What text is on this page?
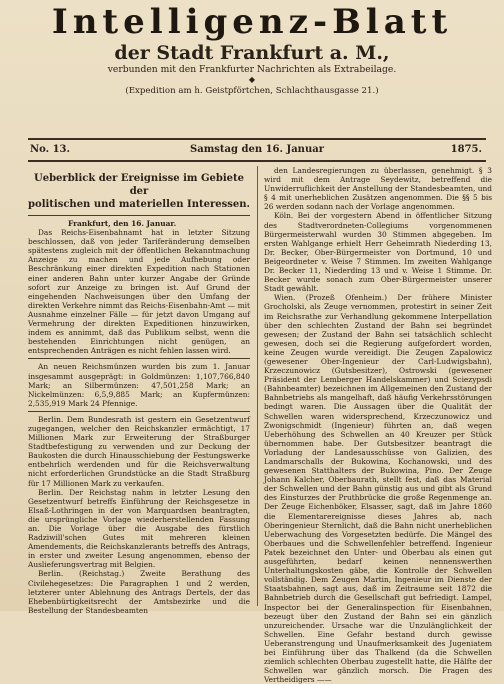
Intelligenz-Blatt
der Stadt Frankfurt a. M.,
verbunden mit den Frankfurter Nachrichten als Extrabeilage.
◆
(Expedition am h. Geistpförtchen, Schlachthausgasse 21.)
No. 13.	Samstag den 16. Januar	1875.
Ueberblick der Ereignisse im Gebiete der
politischen und materiellen Interessen.
Frankfurt, den 16. Januar.

Das Reichs-Eisenbahnamt hat in letzter Sitzung beschlossen, daß von jeder Tariferänderung demselben spätestens zugleich mit der öffentlichen Bekanntmachung Anzeige zu machen und jede Aufhebung oder Beschränkung einer direkten Expedition nach Stationen einer anderen Bahn unter kurzer Angabe der Gründe sofort zur Anzeige zu bringen ist. Auf Grund der eingehenden Nachweisungen über den Umfang der direkten Verkehre nimmt das Reichs-Eisenbahn-Amt — mit Ausnahme einzelner Fälle — für jetzt davon Umgang auf Vermehrung der direkten Expeditionen hinzuwirken, indem es annimmt, daß das Publikum selbst, wenn die bestehenden Einrichtungen nicht genügen, an entsprechenden Anträgen es nicht fehlen lassen wird.

An neuen Reichsmünzen wurden bis zum 1. Januar insgesammt ausgeprägt: in Goldmünzen: 1,107,766,840 Mark; an Silbermünzen: 47,501,258 Mark; an Nickelmünzen: 6,5,9,885 Mark; an Kupfermünzen: 2,535,919 Mark 24 Pfennige.

Berlin. Dem Bundesrath ist gestern ein Gesetzentwurf zugegangen, welcher den Reichskanzler ermächtigt, 17 Millionen Mark zur Erweiterung der Straßburger Stadtbefestigung zu verwenden und zur Deckung der Baukosten die durch Hinausschiebung der Festungswerke entbehrlich werdenden und für die Reichsverwaltung nicht erforderlichen Grundstücke an die Stadt Straßburg für 17 Millionen Mark zu verkaufen.

Berlin. Der Reichstag nahm in letzter Lesung den Gesetzentwurf betreffs Einführung der Reichsgesetze in Elsaß-Lothringen in der von Marquardsen beantragten, die ursprüngliche Vorlage wiederherstellenden Fassung an. Die Vorlage über die Ausgabe des fürstlich Radziwill'schen Gutes mit mehreren kleinen Amendements, die Reichskanzlerants betreffs des Antrags, in erster und zweiter Lesung angenommen, ebenso der Auslieferungsvertrag mit Belgien.

Berlin. (Reichstag.) Zweite Berathung des Civilehegesetzes: Die Paragraphen 1 und 2 werden, letzterer unter Ablehnung des Antrags Dertels, der das Ehebenbürtigkeitsrecht der Amtsbezirke und die Bestellung der Standesbeamten

den Landesregierungen zu überlassen, genehmigt. § 3 wird mit dem Antrage Seydewitz, betreffend die Unwiderruflichkeit der Anstellung der Standesbeamten, und § 4 mit unerheblichen Zusätzen angenommen. Die §§ 5 bis 26 werden sodann nach der Vorlage angenommen.

Köln. Bei der vorgestern Abend in öffentlicher Sitzung des Stadtverordneten-Collegiums vorgenommenen Bürgermeisterwahl wurden 30 Stimmen abgegeben. Im ersten Wahlgange erhielt Herr Geheimrath Niederding 13, Dr. Becker, Ober-Bürgermeister von Dortmund, 10 und Beigeordneter v. Weise 7 Stimmen. Im zweiten Wahlgange Dr. Becker 11, Niederding 13 und v. Weise 1 Stimme. Dr. Becker wurde sonach zum Ober-Bürgermeister unserer Stadt gewählt.

Wien. (Prozeß Ofenheim.) Der frühere Minister Grocholski, als Zeuge vernommen, protestirt in seiner Zeit im Reichsrathe zur Verhandlung gekommene Interpellation über den schlechten Zustand der Bahn sei begründet gewesen; der Zustand der Bahn sei tatsächlich schlecht gewesen, doch sei die Regierung aufgefordert worden, keine Zeugen wurde vereidigt. Die Zeugen Zapalowicz (gewesener Ober-Ingenieur der Carl-Ludwigsbahn), Krzeczunowicz (Gutsbesitzer), Ostrowski (gewesener Präsident der Lemberger Handelskammer) und Sciezypsdi (Bahnbeamter) bezeichnen im Allgemeinen den Zustand der Bahnbetriebs als mangelhaft, daß häufig Verkehrsstörungen bedingt waren. Die Aussagen über die Qualität der Schwellen waren widersprechend, Krzeczunowicz und Zwonigschmidt (Ingenieur) führten an, daß wegen Ueberhöhung des Schwellen an 40 Kreuzer per Stück übernommen habe. Der Gutsbesitzer beantragt die Vorladung der Landesausschüsse von Galizien, des Landmarschalls der Bukowina, Kochanowski, und des gewesenen Statthalters der Bukowina, Pino. Der Zeuge Johann Kalcher, Oberbaurath, stellt fest, daß das Material der Schwellen und der Bahn günstig aus und gibt als Grund des Einsturzes der Pruthbrücke die große Regenmenge an. Der Zeuge Eichenböker, Elsasser, sagt, daß im Jahre 1860 die Elementarereignisse dieses Jahres ab, nach Oberingenieur Sternlicht, daß die Bahn nicht unerheblichen Ueberwachung des Vorgesetzten bedürfe. Die Mängel des Oberbaues und die Schwellenfehler betreffend. Ingenieur Patek bezeichnet den Unter- und Oberbau als einen gut ausgeführten, bedarf keinen nennenswerthen Unterhaltungskosten gäbe, die Kontrolle der Schwellen vollständig. Dem Zeugen Martin, Ingenieur im Dienste der Staatsbahnen, sagt aus, daß im Zeitraume seit 1872 die Bahnbetrieb durch die Gesellschaft gut befriedigt. Lampel, Inspector bei der Generalinspection für Eisenbahnen, bezeugt über den Zustand der Bahn sei ein gänzlich unzureichender. Ursache war die Unzulänglichkeit der Schwellen. Eine Gefahr bestand durch gewisse Ueberanstrengung und Unaufmerksamkeit des Jugeniatem bei Einführung über das Thalkend (da die Schwellen ziemlich schlechten Oberbau zugestellt hatte, die Hälfte der Schwellen war gänzlich morsch. Die Fragen des Vertheidigers ——
